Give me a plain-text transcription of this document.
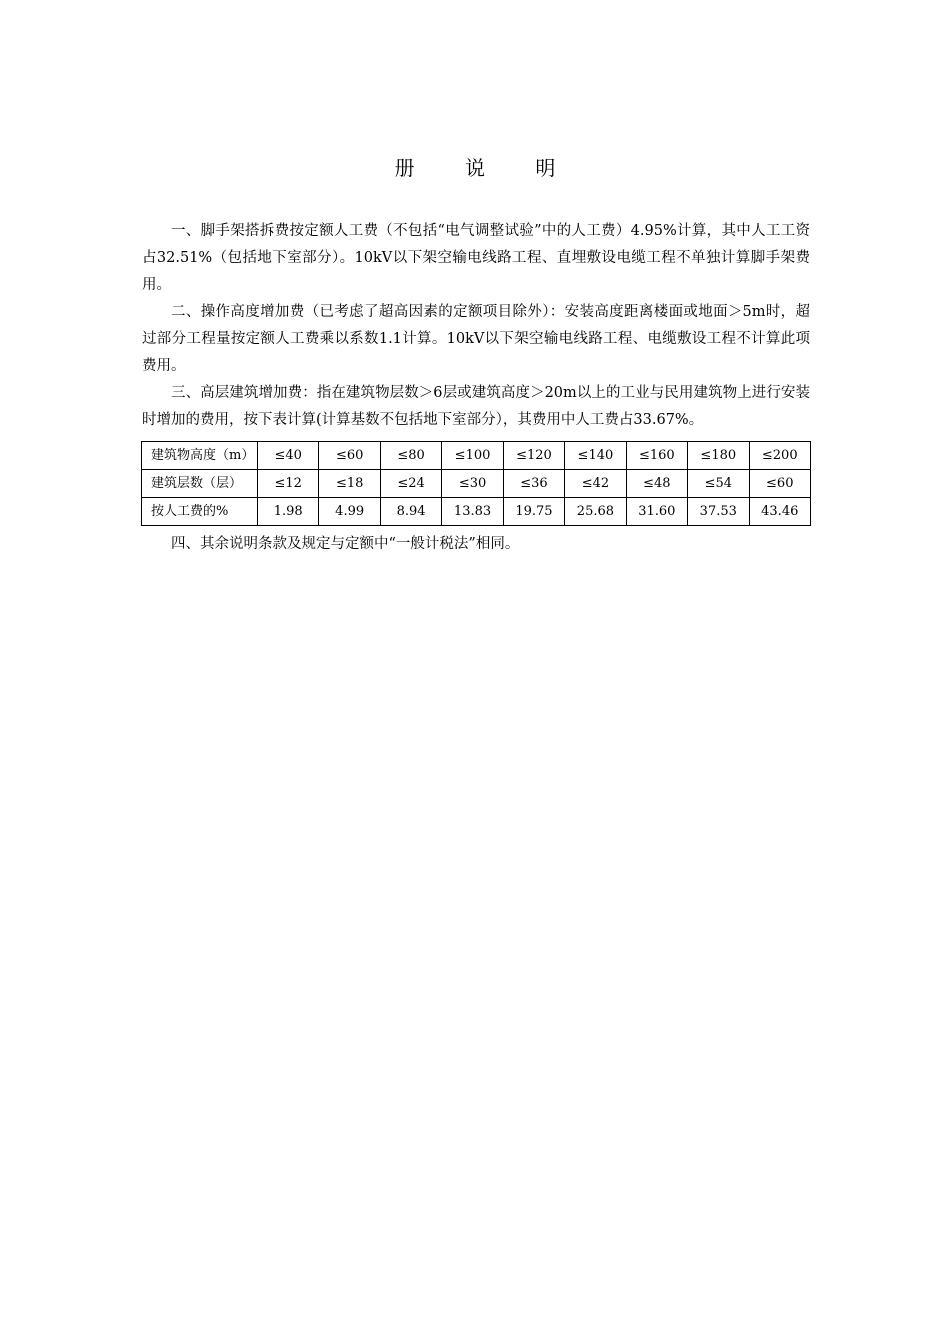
册 说 明

一、脚手架搭拆费按定额人工费（不包括“电气调整试验”中的人工费）4.95%计算，其中人工工资占32.51%（包括地下室部分）。10kV以下架空输电线路工程、直埋敷设电缆工程不单独计算脚手架费用。

二、操作高度增加费（已考虑了超高因素的定额项目除外）：安装高度距离楼面或地面＞5m时，超过部分工程量按定额人工费乘以系数1.1计算。10kV以下架空输电线路工程、电缆敷设工程不计算此项费用。

三、高层建筑增加费：指在建筑物层数＞6层或建筑高度＞20m以上的工业与民用建筑物上进行安装时增加的费用，按下表计算(计算基数不包括地下室部分），其费用中人工费占33.67%。

建筑物高度（m）	≤40	≤60	≤80	≤100	≤120	≤140	≤160	≤180	≤200
建筑层数（层）	≤12	≤18	≤24	≤30	≤36	≤42	≤48	≤54	≤60
按人工费的%	1.98	4.99	8.94	13.83	19.75	25.68	31.60	37.53	43.46

四、其余说明条款及规定与定额中“一般计税法”相同。
